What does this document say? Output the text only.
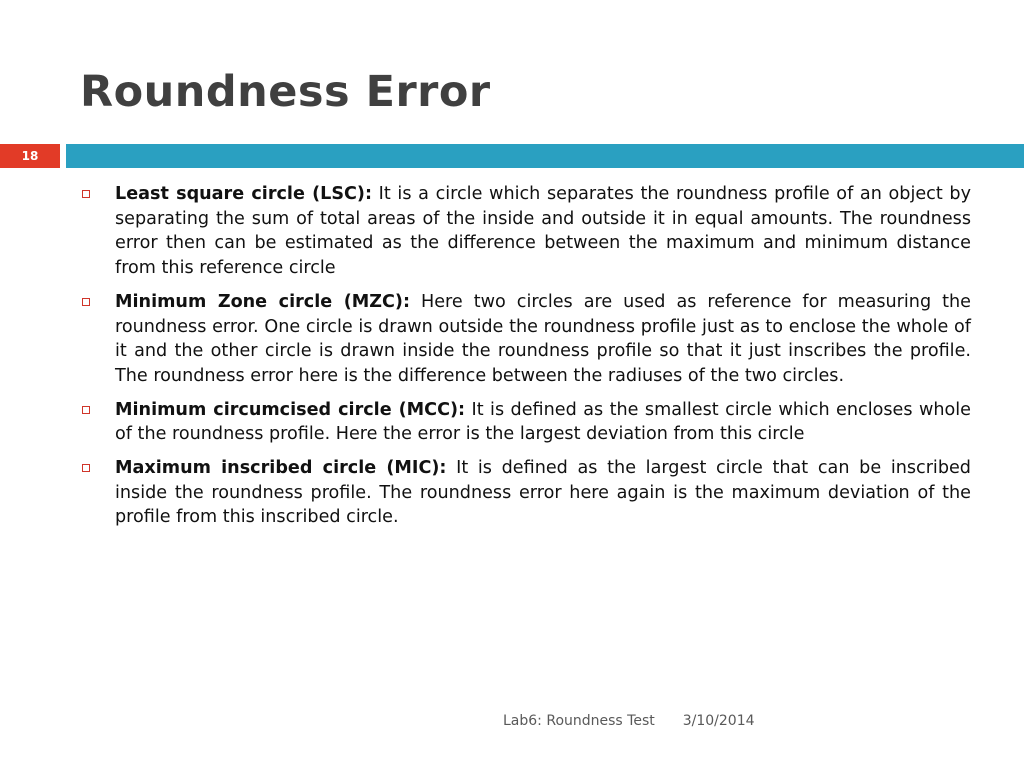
Roundness Error
18
Least square circle (LSC): It is a circle which separates the roundness profile of an object by separating the sum of total areas of the inside and outside it in equal amounts. The roundness error then can be estimated as the difference between the maximum and minimum distance from this reference circle
Minimum Zone circle (MZC): Here two circles are used as reference for measuring the roundness error. One circle is drawn outside the roundness profile just as to enclose the whole of it and the other circle is drawn inside the roundness profile so that it just inscribes the profile. The roundness error here is the difference between the radiuses of the two circles.
Minimum circumcised circle (MCC): It is defined as the smallest circle which encloses whole of the roundness profile. Here the error is the largest deviation from this circle
Maximum inscribed circle (MIC): It is defined as the largest circle that can be inscribed inside the roundness profile. The roundness error here again is the maximum deviation of the profile from this inscribed circle.
Lab6: Roundness Test 3/10/2014
